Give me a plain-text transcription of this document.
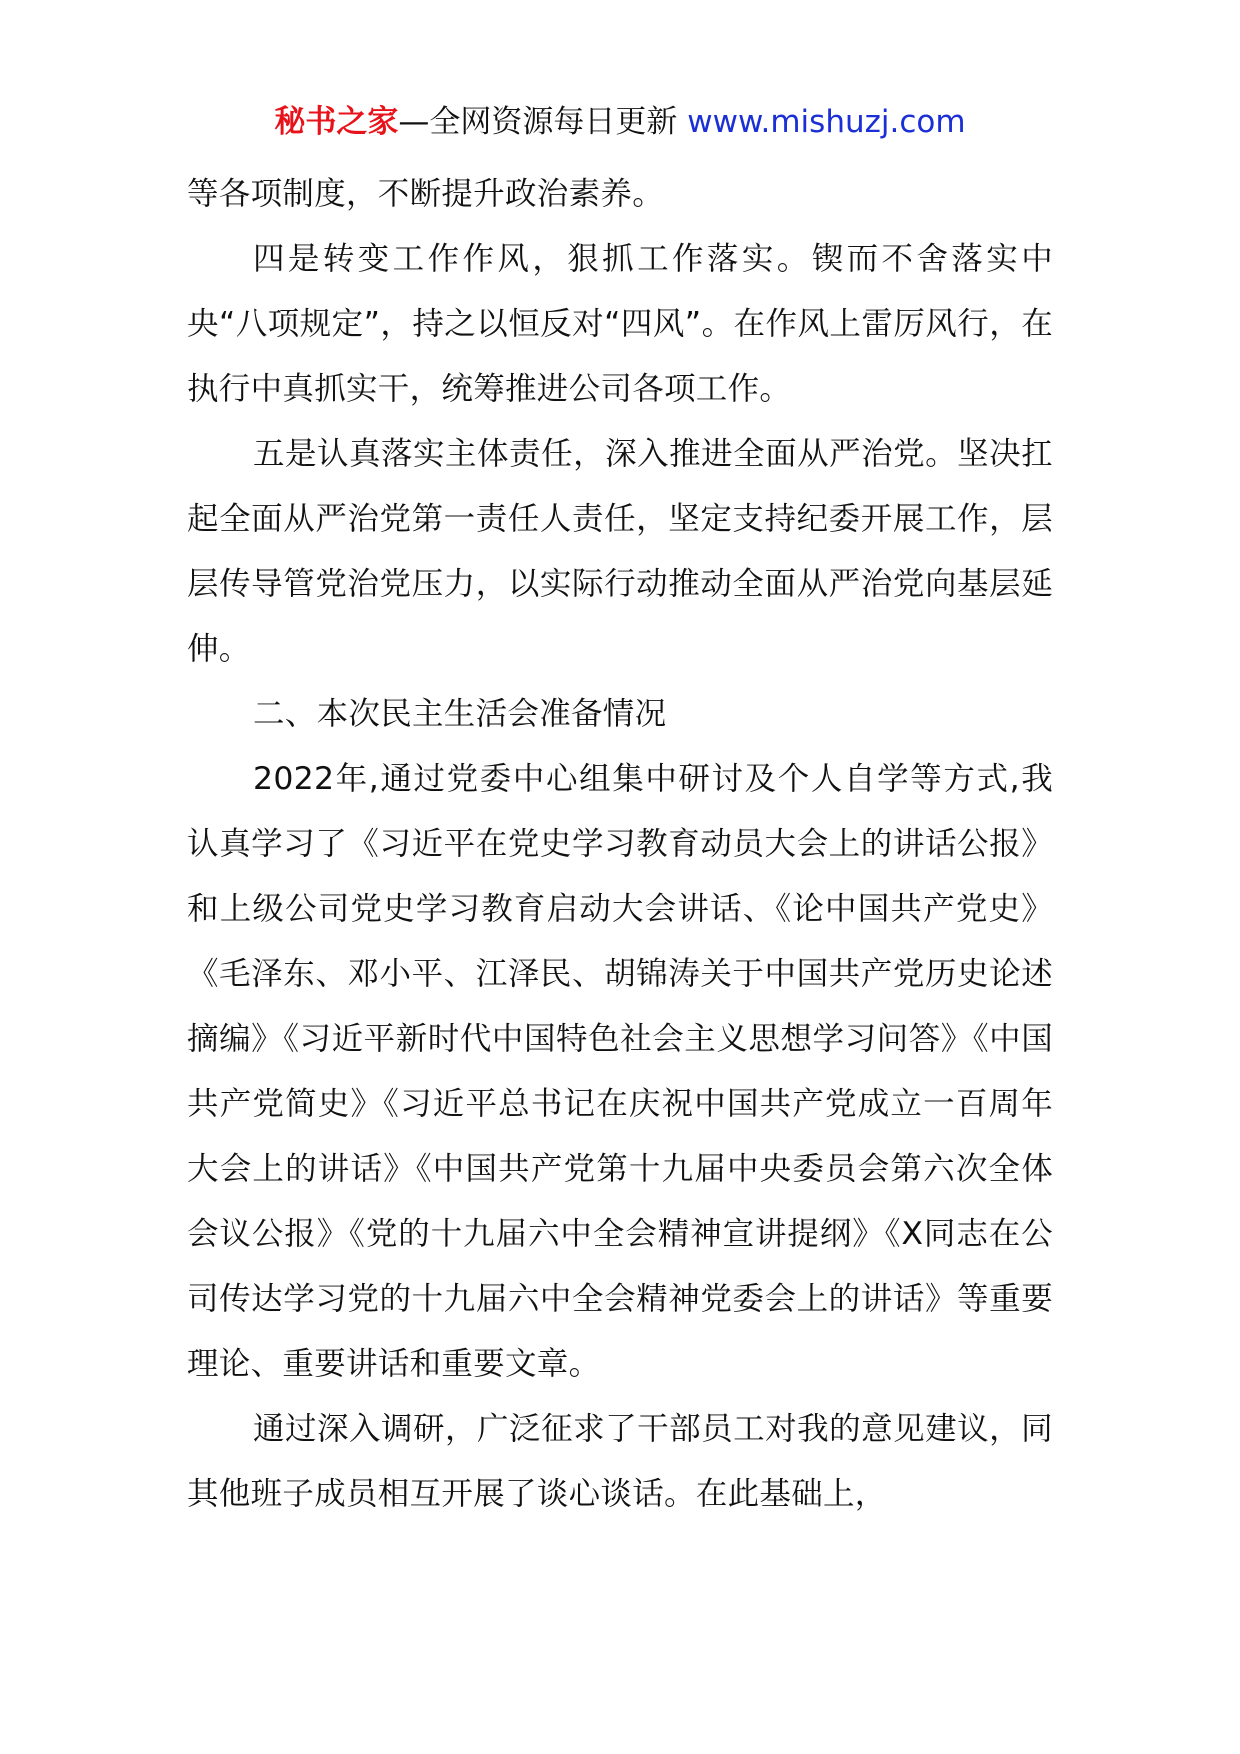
秘书之家—全网资源每日更新 www.mishuzj.com

等各项制度，不断提升政治素养。

四是转变工作作风，狠抓工作落实。锲而不舍落实中央“八项规定”，持之以恒反对“四风”。在作风上雷厉风行，在执行中真抓实干，统筹推进公司各项工作。

五是认真落实主体责任，深入推进全面从严治党。坚决扛起全面从严治党第一责任人责任，坚定支持纪委开展工作，层层传导管党治党压力，以实际行动推动全面从严治党向基层延伸。

二、本次民主生活会准备情况

2022年,通过党委中心组集中研讨及个人自学等方式,我认真学习了《习近平在党史学习教育动员大会上的讲话公报》和上级公司党史学习教育启动大会讲话、《论中国共产党史》《毛泽东、邓小平、江泽民、胡锦涛关于中国共产党历史论述摘编》《习近平新时代中国特色社会主义思想学习问答》《中国共产党简史》《习近平总书记在庆祝中国共产党成立一百周年大会上的讲话》《中国共产党第十九届中央委员会第六次全体会议公报》《党的十九届六中全会精神宣讲提纲》《X同志在公司传达学习党的十九届六中全会精神党委会上的讲话》等重要理论、重要讲话和重要文章。

通过深入调研，广泛征求了干部员工对我的意见建议，同其他班子成员相互开展了谈心谈话。在此基础上，
